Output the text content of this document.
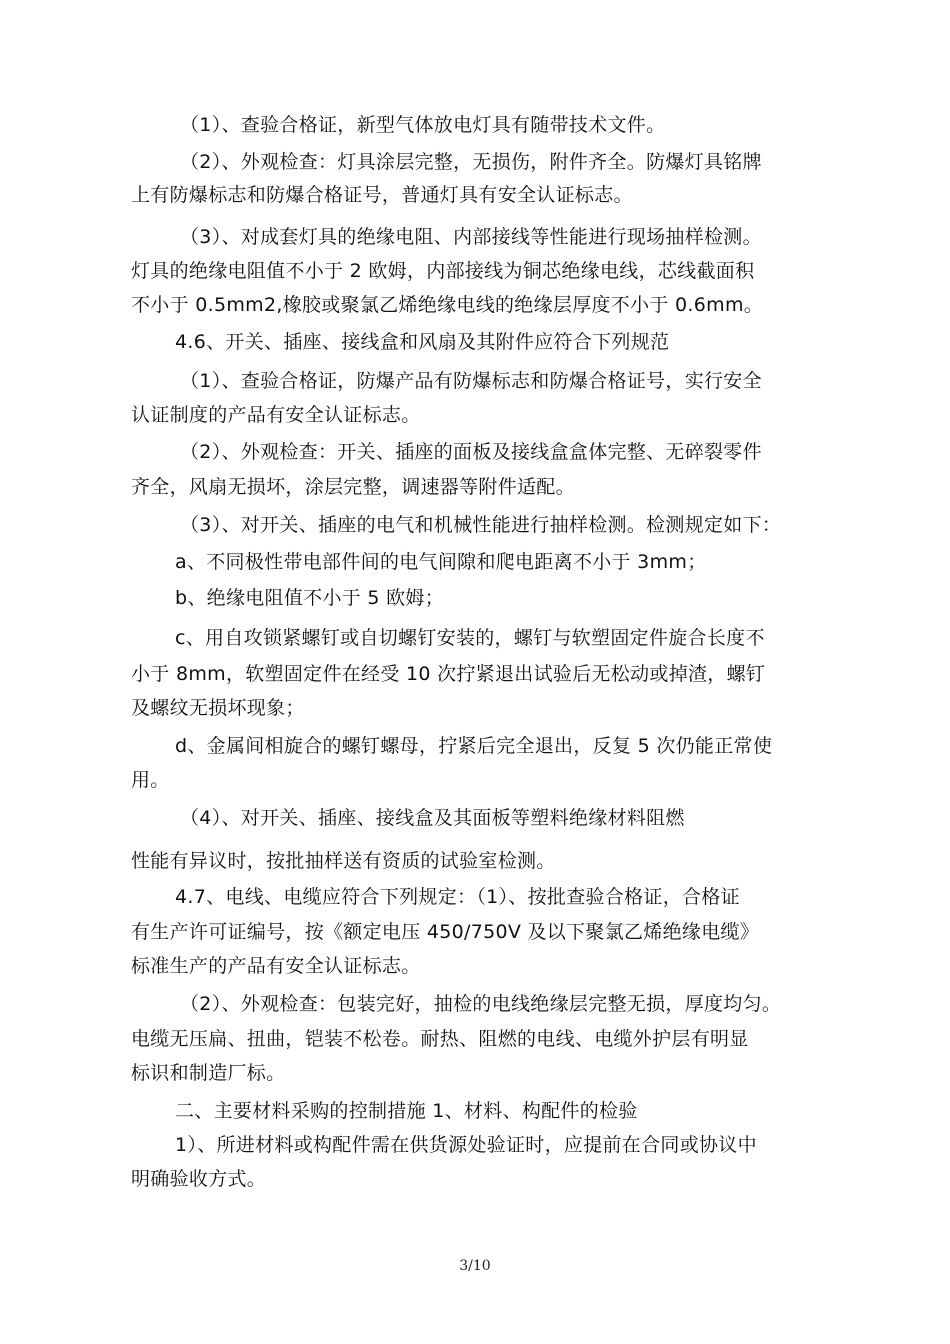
（1）、查验合格证，新型气体放电灯具有随带技术文件。

（2）、外观检查：灯具涂层完整，无损伤，附件齐全。防爆灯具铭牌

上有防爆标志和防爆合格证号，普通灯具有安全认证标志。

（3）、对成套灯具的绝缘电阻、内部接线等性能进行现场抽样检测。

灯具的绝缘电阻值不小于 2 欧姆，内部接线为铜芯绝缘电线，芯线截面积

不小于 0.5mm2,橡胶或聚氯乙烯绝缘电线的绝缘层厚度不小于 0.6mm。

4.6、开关、插座、接线盒和风扇及其附件应符合下列规范

（1）、查验合格证，防爆产品有防爆标志和防爆合格证号，实行安全

认证制度的产品有安全认证标志。

（2）、外观检查：开关、插座的面板及接线盒盒体完整、无碎裂零件

齐全，风扇无损坏，涂层完整，调速器等附件适配。

（3）、对开关、插座的电气和机械性能进行抽样检测。检测规定如下：

a、不同极性带电部件间的电气间隙和爬电距离不小于 3mm；

b、绝缘电阻值不小于 5 欧姆；

c、用自攻锁紧螺钉或自切螺钉安装的，螺钉与软塑固定件旋合长度不

小于 8mm，软塑固定件在经受 10 次拧紧退出试验后无松动或掉渣，螺钉

及螺纹无损坏现象；

d、金属间相旋合的螺钉螺母，拧紧后完全退出，反复 5 次仍能正常使

用。

（4）、对开关、插座、接线盒及其面板等塑料绝缘材料阻燃

性能有异议时，按批抽样送有资质的试验室检测。

4.7、电线、电缆应符合下列规定：（1）、按批查验合格证，合格证

有生产许可证编号，按《额定电压 450/750V 及以下聚氯乙烯绝缘电缆》

标准生产的产品有安全认证标志。

（2）、外观检查：包装完好，抽检的电线绝缘层完整无损，厚度均匀。

电缆无压扁、扭曲，铠装不松卷。耐热、阻燃的电线、电缆外护层有明显

标识和制造厂标。

二、主要材料采购的控制措施 1、材料、构配件的检验

1）、所进材料或构配件需在供货源处验证时，应提前在合同或协议中

明确验收方式。

3/10
